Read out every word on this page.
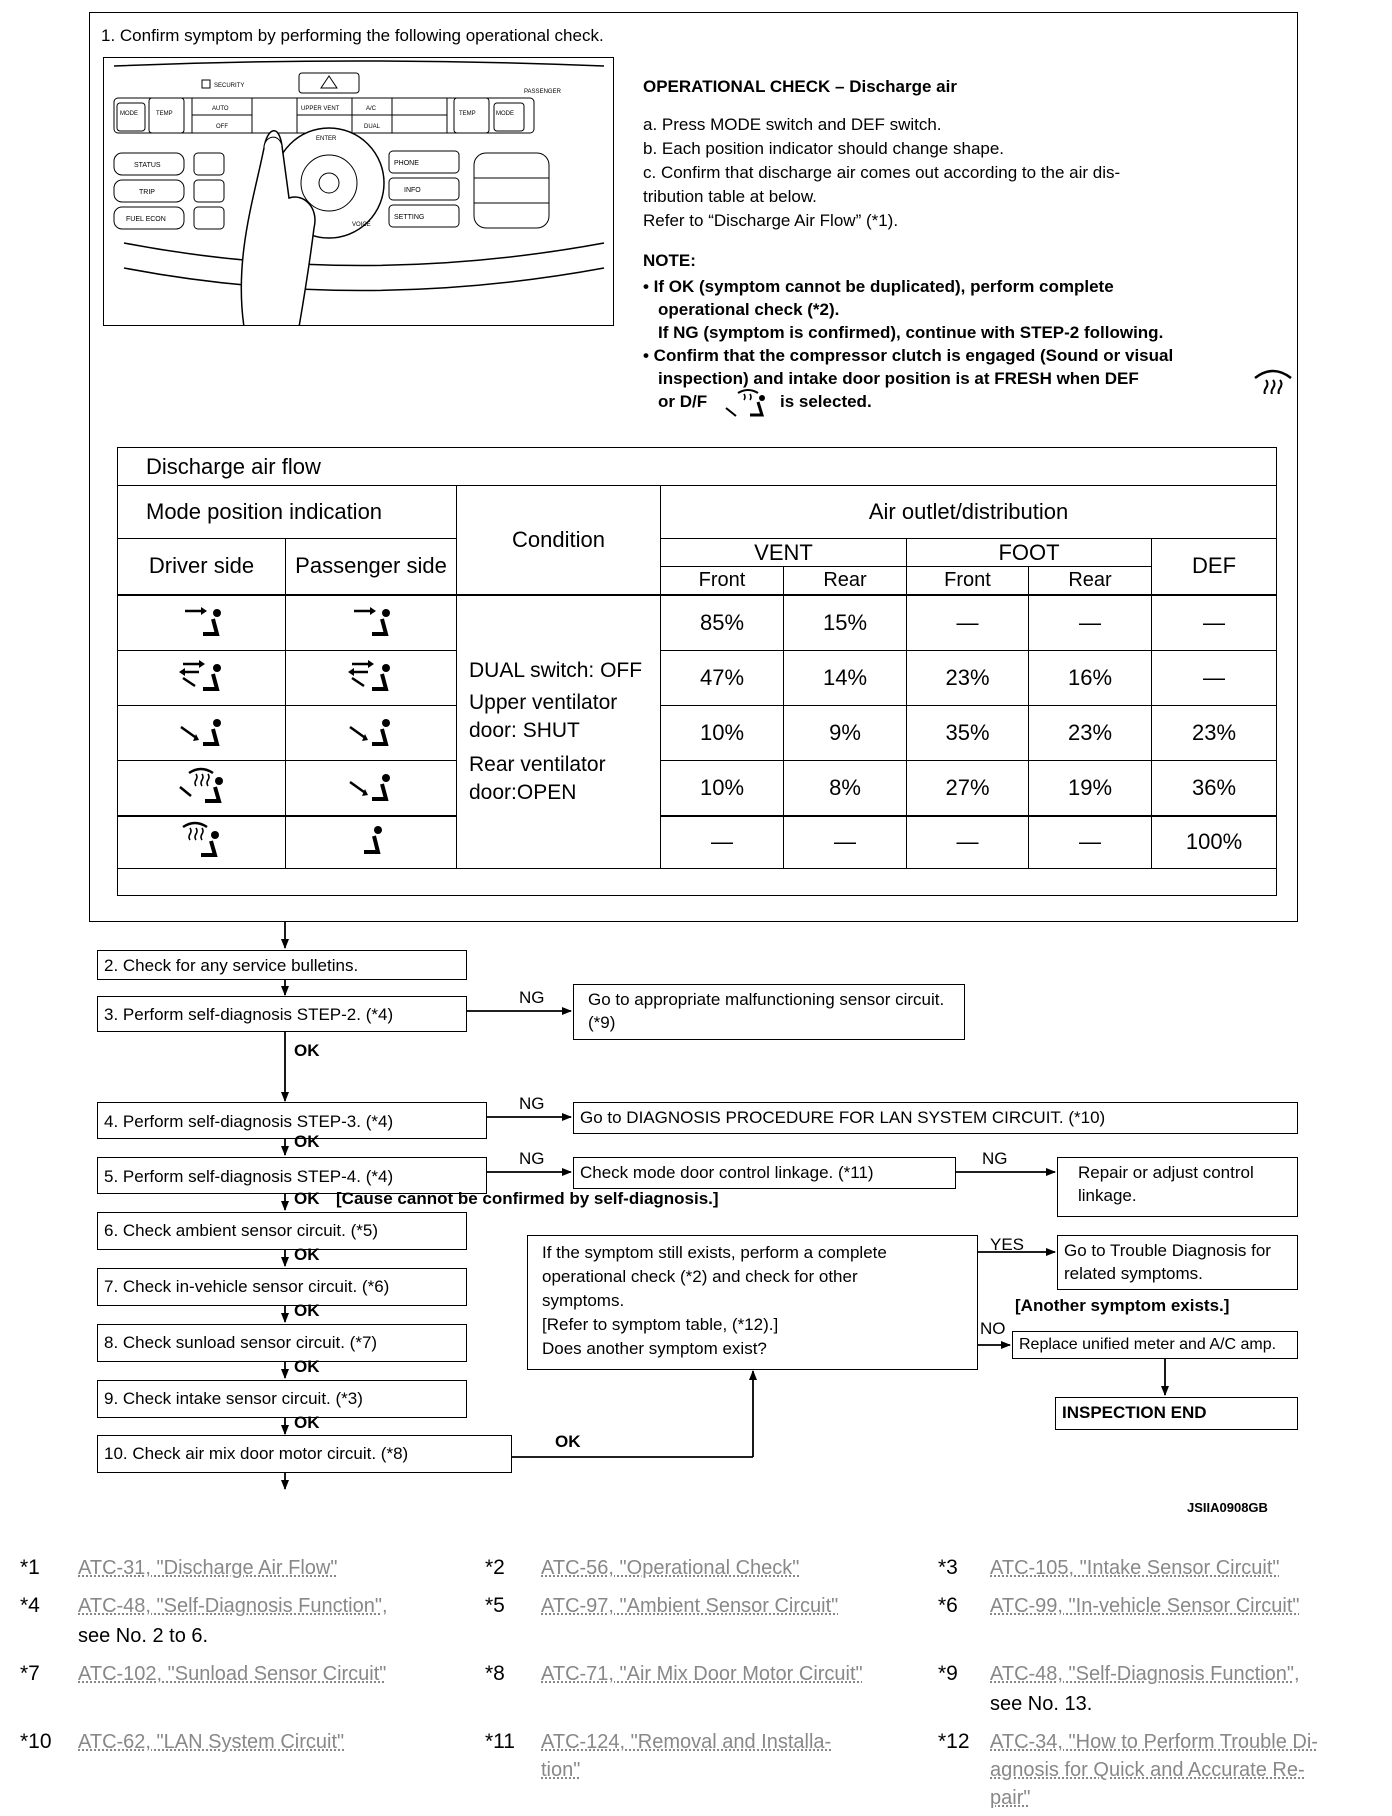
1. Confirm symptom by performing the following operational check.
SECURITY
PASSENGER
MODE	TEMP
AUTO
OFF
UPPER VENT	A/C
DUAL
TEMP	MODE
STATUS
TRIP
FUEL ECON
ENTER
VOICE
PHONE
INFO
SETTING
OPERATIONAL CHECK – Discharge air
a. Press MODE switch and DEF switch.
b. Each position indicator should change shape.
c. Confirm that discharge air comes out according to the air dis-
tribution table at below.
Refer to “Discharge Air Flow” (*1).
NOTE:
• If OK (symptom cannot be duplicated), perform complete
operational check (*2).
If NG (symptom is confirmed), continue with STEP-2 following.
• Confirm that the compressor clutch is engaged (Sound or visual
inspection) and intake door position is at FRESH when DEF
or D/F	is selected.
Discharge air flow							
Mode position indication		Condition	Air outlet/distribution				
Driver side	Passenger side		VENT		FOOT		DEF
			Front	Rear	Front	Rear	

DUAL switch: OFF
Upper ventilator
door: SHUT
Rear ventilator
door:OPEN	85%	15%	—	—	—
		47%	14%	23%	16%	—
		10%	9%	35%	23%	23%
		10%	8%	27%	19%	36%
		—	—	—	—	100%

2. Check for any service bulletins.
3. Perform self-diagnosis STEP-2. (*4)
Go to appropriate malfunctioning sensor circuit. (*9)
4. Perform self-diagnosis STEP-3. (*4)	Go to DIAGNOSIS PROCEDURE FOR LAN SYSTEM CIRCUIT. (*10)
5. Perform self-diagnosis STEP-4. (*4)	Check mode door control linkage. (*11)	Repair or adjust control linkage.
6. Check ambient sensor circuit. (*5)
7. Check in-vehicle sensor circuit. (*6)
8. Check sunload sensor circuit. (*7)
9. Check intake sensor circuit. (*3)
10. Check air mix door motor circuit. (*8)
If the symptom still exists, perform a complete
operational check (*2) and check for other
symptoms.
[Refer to symptom table, (*12).]
Does another symptom exist?
Go to Trouble Diagnosis for related symptoms.
[Another symptom exists.]
Replace unified meter and A/C amp.
INSPECTION END
NG
OK
NG
OK
NG	NG
OK [Cause cannot be confirmed by self-diagnosis.]
OK
OK
OK
OK
OK
YES
NO
JSIIA0908GB
*1 ATC-31, "Discharge Air Flow"	*2 ATC-56, "Operational Check"	*3 ATC-105, "Intake Sensor Circuit"
*4 ATC-48, "Self-Diagnosis Function",
see No. 2 to 6.
*5 ATC-97, "Ambient Sensor Circuit"	*6 ATC-99, "In-vehicle Sensor Circuit"
*7 ATC-102, "Sunload Sensor Circuit"	*8 ATC-71, "Air Mix Door Motor Circuit"	*9 ATC-48, "Self-Diagnosis Function",
see No. 13.
*10 ATC-62, "LAN System Circuit"	*11 ATC-124, "Removal and Installa-
tion"
*12 ATC-34, "How to Perform Trouble Di-
agnosis for Quick and Accurate Re-
pair"
